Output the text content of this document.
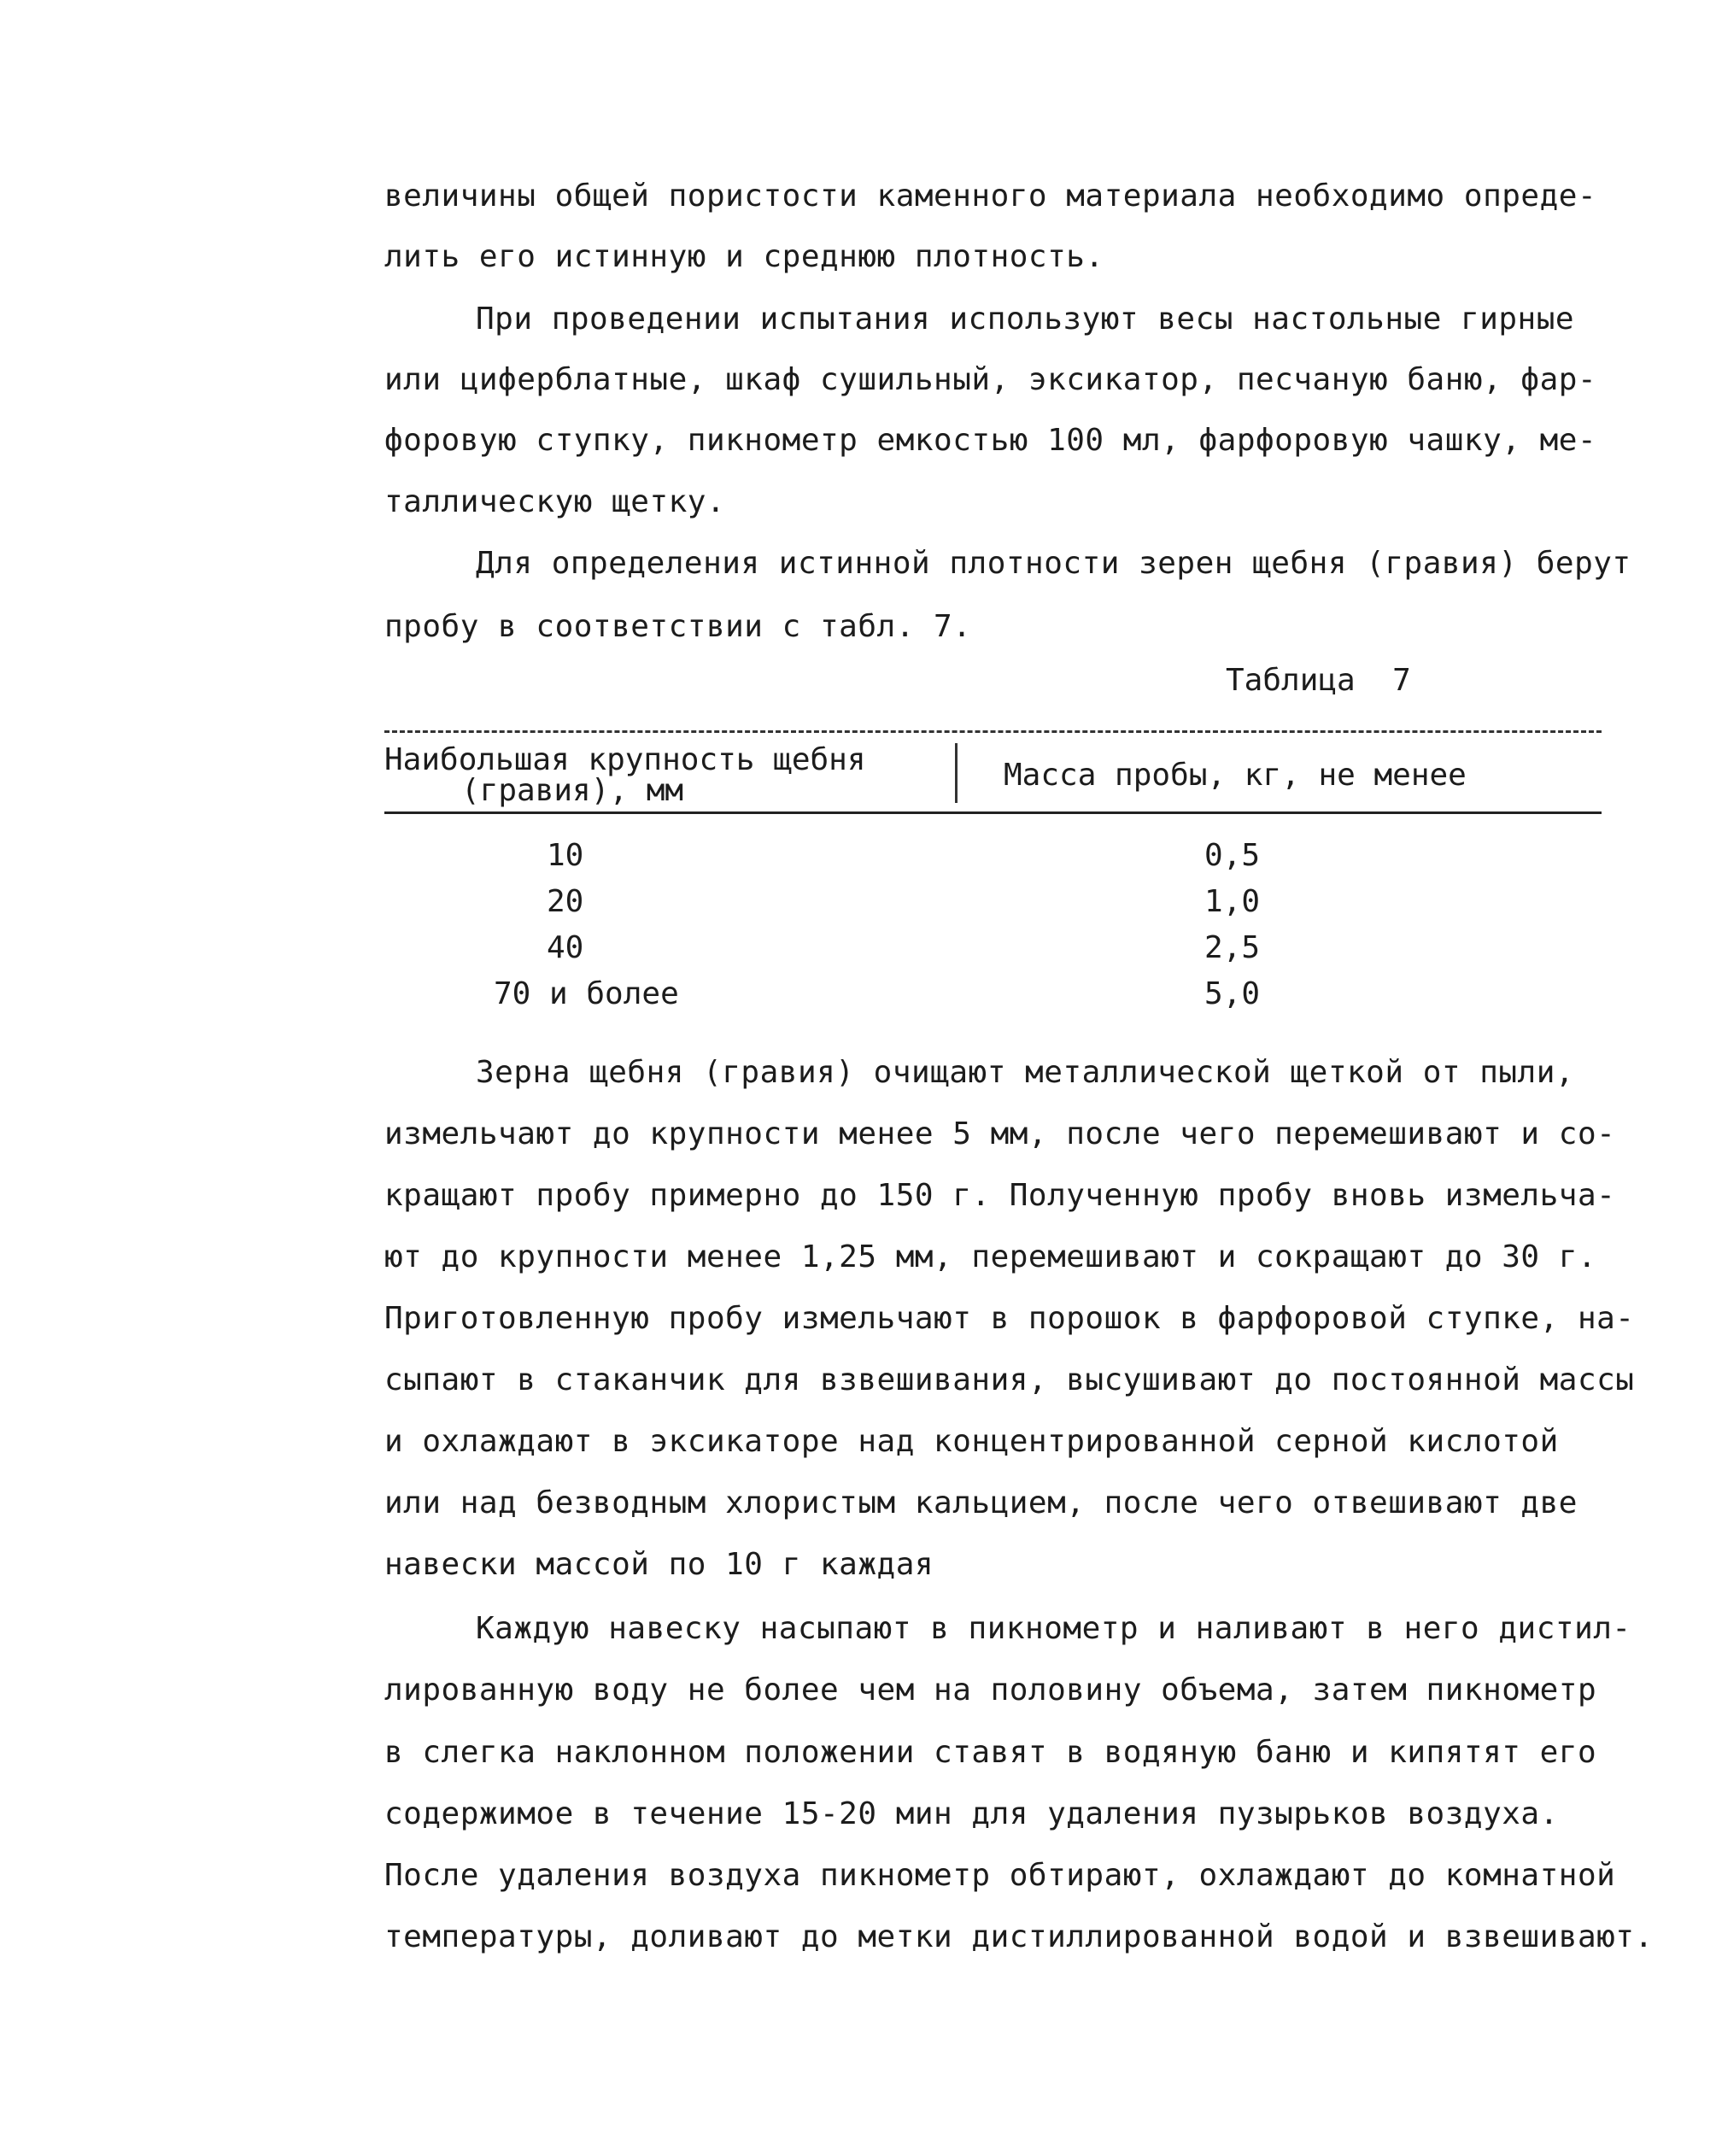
величины общей пористости каменного материала необходимо опреде-
лить его истинную и среднюю плотность.
При проведении испытания используют весы настольные гирные
или циферблатные, шкаф сушильный, эксикатор, песчаную баню, фар-
форовую ступку, пикнометр емкостью 100 мл, фарфоровую чашку, ме-
таллическую щетку.
Для определения истинной плотности зерен щебня (гравия) берут
пробу в соответствии с табл. 7.
Таблица  7
Наибольшая крупность щебня
(гравия), мм	Масса пробы, кг, не менее
10	0,5
20	1,0
40	2,5
70 и более	5,0
Зерна щебня (гравия) очищают металлической щеткой от пыли,
измельчают до крупности менее 5 мм, после чего перемешивают и со-
кращают пробу примерно до 150 г. Полученную пробу вновь измельча-
ют до крупности менее 1,25 мм, перемешивают и сокращают до 30 г.
Приготовленную пробу измельчают в порошок в фарфоровой ступке, на-
сыпают в стаканчик для взвешивания, высушивают до постоянной массы
и охлаждают в эксикаторе над концентрированной серной кислотой
или над безводным хлористым кальцием, после чего отвешивают две
навески массой по 10 г каждая
Каждую навеску насыпают в пикнометр и наливают в него дистил-
лированную воду не более чем на половину объема, затем пикнометр
в слегка наклонном положении ставят в водяную баню и кипятят его
содержимое в течение 15-20 мин для удаления пузырьков воздуха.
После удаления воздуха пикнометр обтирают, охлаждают до комнатной
температуры, доливают до метки дистиллированной водой и взвешивают.
